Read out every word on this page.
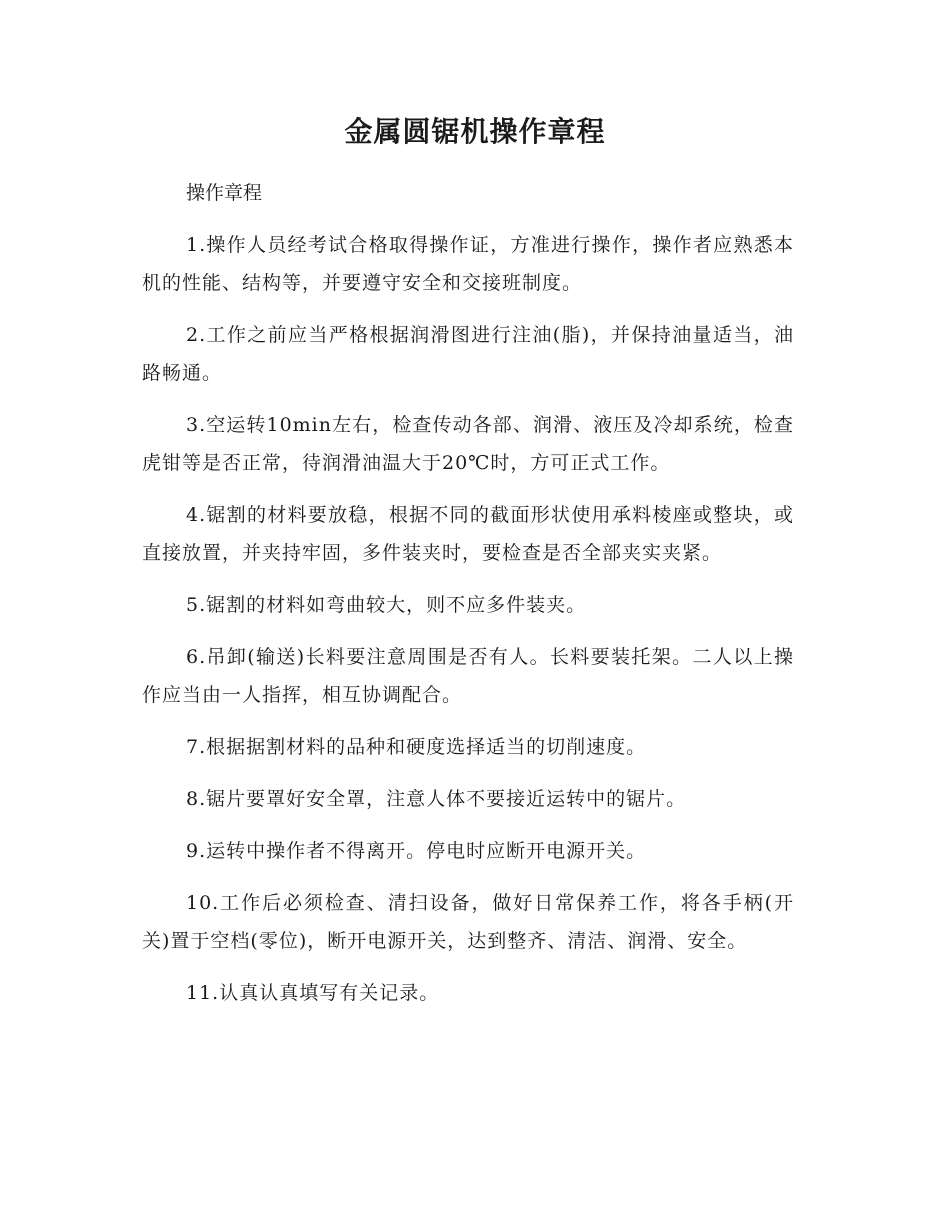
金属圆锯机操作章程

操作章程

1.操作人员经考试合格取得操作证，方准进行操作，操作者应熟悉本机的性能、结构等，并要遵守安全和交接班制度。

2.工作之前应当严格根据润滑图进行注油(脂)，并保持油量适当，油路畅通。

3.空运转10min左右，检查传动各部、润滑、液压及冷却系统，检查虎钳等是否正常，待润滑油温大于20℃时，方可正式工作。

4.锯割的材料要放稳，根据不同的截面形状使用承料棱座或整块，或直接放置，并夹持牢固，多件装夹时，要检查是否全部夹实夹紧。

5.锯割的材料如弯曲较大，则不应多件装夹。

6.吊卸(输送)长料要注意周围是否有人。长料要装托架。二人以上操作应当由一人指挥，相互协调配合。

7.根据据割材料的品种和硬度选择适当的切削速度。

8.锯片要罩好安全罩，注意人体不要接近运转中的锯片。

9.运转中操作者不得离开。停电时应断开电源开关。

10.工作后必须检查、清扫设备，做好日常保养工作，将各手柄(开关)置于空档(零位)，断开电源开关，达到整齐、清洁、润滑、安全。

11.认真认真填写有关记录。
